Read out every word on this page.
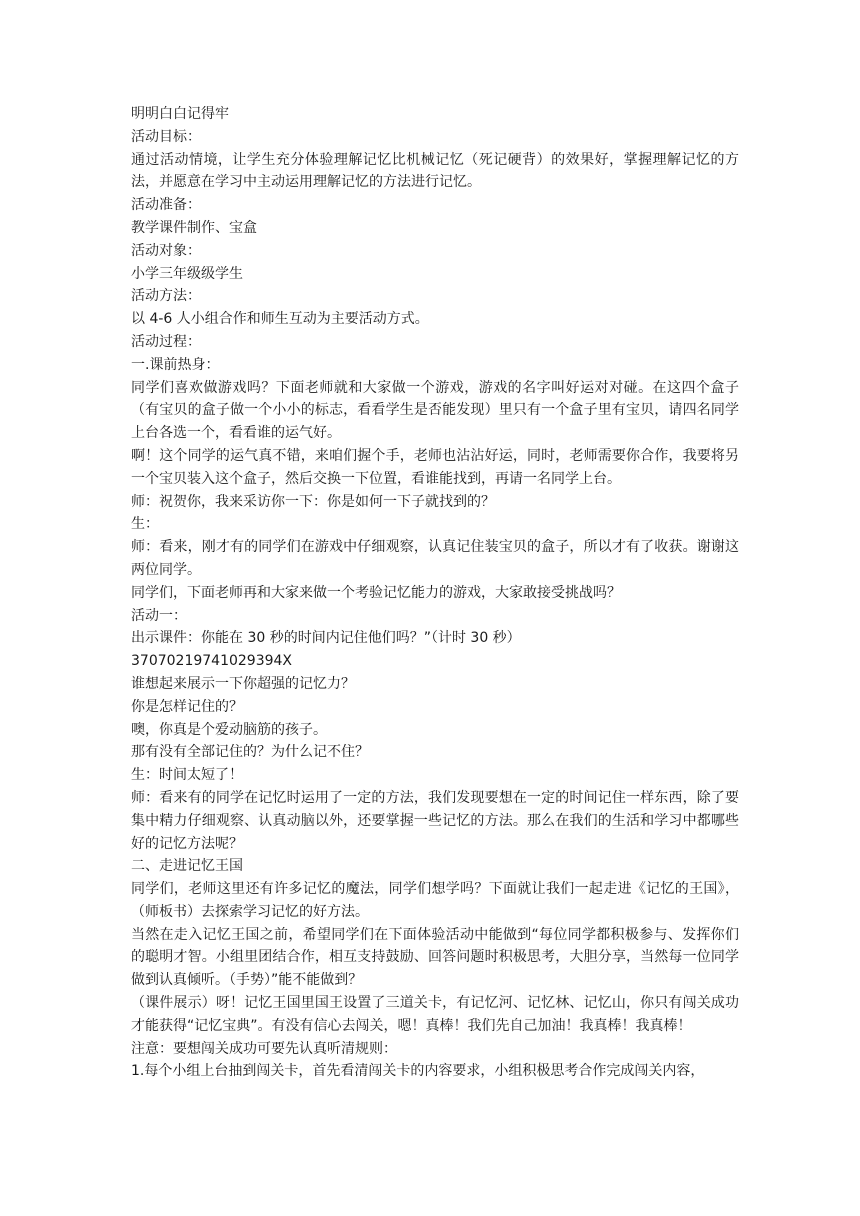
明明白白记得牢

活动目标：

通过活动情境，让学生充分体验理解记忆比机械记忆（死记硬背）的效果好，掌握理解记忆的方法，并愿意在学习中主动运用理解记忆的方法进行记忆。

活动准备：

教学课件制作、宝盒

活动对象：

小学三年级级学生

活动方法：

以 4-6 人小组合作和师生互动为主要活动方式。

活动过程：

一.课前热身：

同学们喜欢做游戏吗？下面老师就和大家做一个游戏，游戏的名字叫好运对对碰。在这四个盒子（有宝贝的盒子做一个小小的标志，看看学生是否能发现）里只有一个盒子里有宝贝，请四名同学上台各选一个，看看谁的运气好。

啊！这个同学的运气真不错，来咱们握个手，老师也沾沾好运，同时，老师需要你合作，我要将另一个宝贝装入这个盒子，然后交换一下位置，看谁能找到，再请一名同学上台。

师：祝贺你，我来采访你一下：你是如何一下子就找到的？

生：

师：看来，刚才有的同学们在游戏中仔细观察，认真记住装宝贝的盒子，所以才有了收获。谢谢这两位同学。

同学们，下面老师再和大家来做一个考验记忆能力的游戏，大家敢接受挑战吗？

活动一：

出示课件：你能在 30 秒的时间内记住他们吗？”（计时 30 秒）

37070219741029394X

谁想起来展示一下你超强的记忆力？

你是怎样记住的？

噢，你真是个爱动脑筋的孩子。

那有没有全部记住的？为什么记不住？

生：时间太短了！

师：看来有的同学在记忆时运用了一定的方法，我们发现要想在一定的时间记住一样东西，除了要集中精力仔细观察、认真动脑以外，还要掌握一些记忆的方法。那么在我们的生活和学习中都哪些好的记忆方法呢？

二、走进记忆王国

同学们，老师这里还有许多记忆的魔法，同学们想学吗？下面就让我们一起走进《记忆的王国》，（师板书）去探索学习记忆的好方法。

当然在走入记忆王国之前，希望同学们在下面体验活动中能做到“每位同学都积极参与、发挥你们的聪明才智。小组里团结合作，相互支持鼓励、回答问题时积极思考，大胆分享，当然每一位同学做到认真倾听。（手势）”能不能做到？

（课件展示）呀！记忆王国里国王设置了三道关卡，有记忆河、记忆林、记忆山，你只有闯关成功才能获得“记忆宝典”。有没有信心去闯关，嗯！真棒！我们先自己加油！我真棒！我真棒！

注意：要想闯关成功可要先认真听清规则：

1.每个小组上台抽到闯关卡，首先看清闯关卡的内容要求，小组积极思考合作完成闯关内容，
